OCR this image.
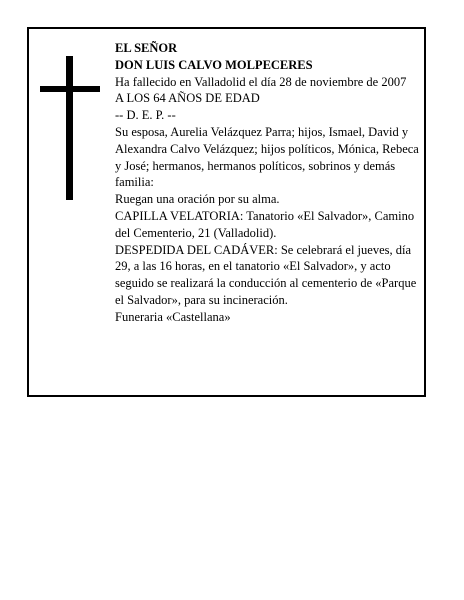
EL SEÑOR

DON LUIS CALVO MOLPECERES

Ha fallecido en Valladolid el día 28 de noviembre de 2007

A LOS 64 AÑOS DE EDAD

-- D. E. P. --

Su esposa, Aurelia Velázquez Parra; hijos, Ismael, David y Alexandra Calvo Velázquez; hijos políticos, Mónica, Rebeca y José; hermanos, hermanos políticos, sobrinos y demás familia:

Ruegan una oración por su alma.

CAPILLA VELATORIA: Tanatorio «El Salvador», Camino del Cementerio, 21 (Valladolid).

DESPEDIDA DEL CADÁVER: Se celebrará el jueves, día 29, a las 16 horas, en el tanatorio «El Salvador», y acto seguido se realizará la conducción al cementerio de «Parque el Salvador», para su incineración.

Funeraria «Castellana»
